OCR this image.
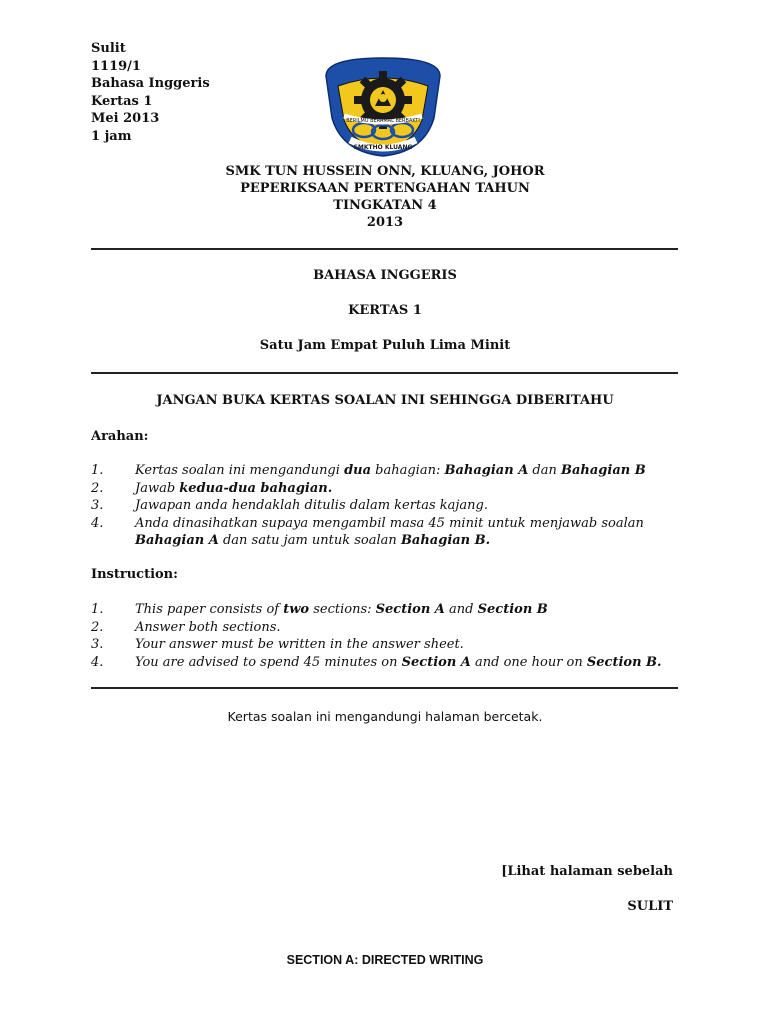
Sulit
1119/1
Bahasa Inggeris
Kertas 1
Mei 2013
1 jam
BERILMU BERAMAL BERBAKTI
SMKTHO KLUANG
SMK TUN HUSSEIN ONN, KLUANG, JOHOR
PEPERIKSAAN PERTENGAHAN TAHUN
TINGKATAN 4
2013
BAHASA INGGERIS
KERTAS 1
Satu Jam Empat Puluh Lima Minit
JANGAN BUKA KERTAS SOALAN INI SEHINGGA DIBERITAHU
Arahan:
1.	Kertas soalan ini mengandungi dua bahagian: Bahagian A dan Bahagian B
2.	Jawab kedua-dua bahagian.
3.	Jawapan anda hendaklah ditulis dalam kertas kajang.
4.	Anda dinasihatkan supaya mengambil masa 45 minit untuk menjawab soalan Bahagian A dan satu jam untuk soalan Bahagian B.
Instruction:
1.	This paper consists of two sections: Section A and Section B
2.	Answer both sections.
3.	Your answer must be written in the answer sheet.
4.	You are advised to spend 45 minutes on Section A and one hour on Section B.
Kertas soalan ini mengandungi halaman bercetak.
[Lihat halaman sebelah
SULIT
SECTION A: DIRECTED WRITING
